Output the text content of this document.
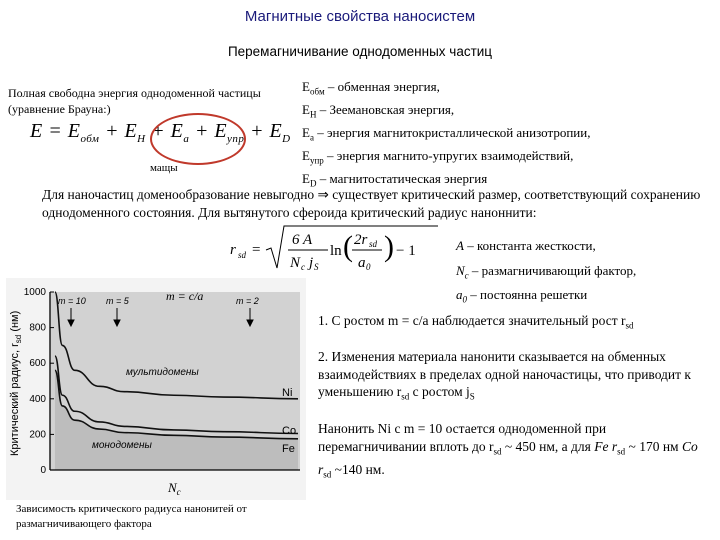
Магнитные свойства наносистем
Перемагничивание однодоменных частиц
Полная свободна энергия однодоменной частицы (уравнение Брауна:)
$E = E_{обм} + E_H + E_a + E_{упр} + E_D$
мащы
$E_{обм}$ – обменная энергия,
$E_H$ – Зеемановская энергия,
$E_a$ – энергия магнитокристаллической анизотропии,
$E_{упр}$ – энергия магнито-упругих взаимодействий,
$E_D$ – магнитостатическая энергия
Для наночастиц доменообразование невыгодно ⇒ существует критический размер, соответствующий сохранению однодоменного состояния. Для вытянутого сфероида критический радиус наноннити:
r sd =
6 A
N c j S
ln ( 2r sd
a 0
) − 1	A – константа жесткости,
$N_c$ – размагничивающий фактор,
$a_0$ – постоянна решетки
0
200
400
600
800
1000
Критический радиус, $r_{sd}$ (нм)
$N_c$
m = c/a
m = 10 m = 5	m = 2
мультидомены
монодомены
Ni
Co
Fe
Зависимость критического радиуса нанонитей от размагничивающего фактора
1. С ростом m = c/a наблюдается значительный рост $r_{sd}$
2. Изменения материала нанонити сказывается на обменных взаимодействиях в пределах одной наночастицы, что приводит к уменьшению $r_{sd}$ с ростом $j_S$
Нанонить Ni с m = 10 остается однодоменной при перемагничивании вплоть до $r_{sd}$ ~ 450 нм, а для Fe $r_{sd}$ ~ 170 нм Co $r_{sd}$ ~140 нм.
